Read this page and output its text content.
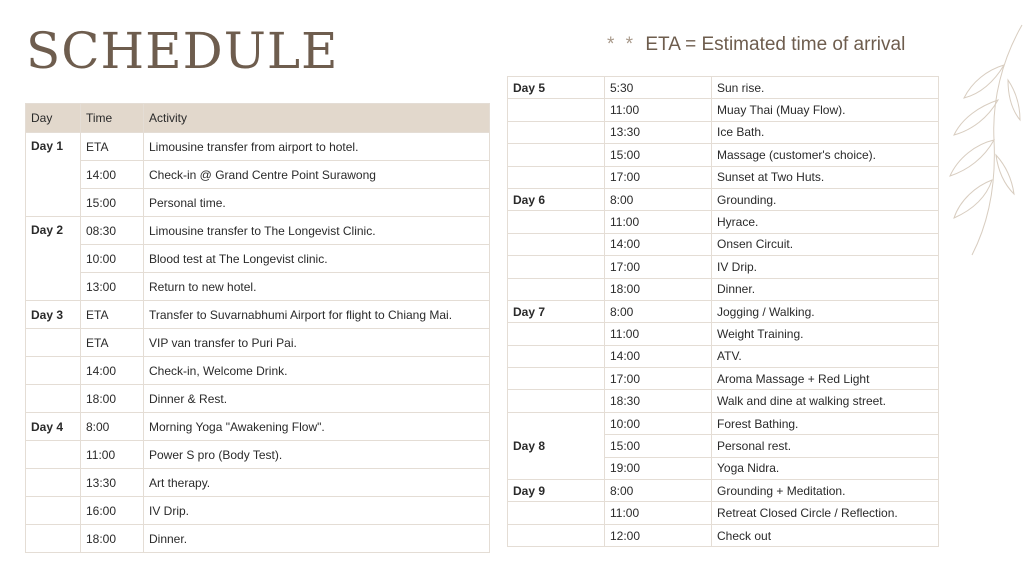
SCHEDULE	* * ETA = Estimated time of arrival
Day	Time	Activity
Day 1	ETA	Limousine transfer from airport to hotel.
	14:00	Check-in @ Grand Centre Point Surawong
	15:00	Personal time.
Day 2	08:30	Limousine transfer to The Longevist Clinic.
	10:00	Blood test at The Longevist clinic.
	13:00	Return to new hotel.
Day 3	ETA	Transfer to Suvarnabhumi Airport for flight to Chiang Mai.
	ETA	VIP van transfer to Puri Pai.
	14:00	Check-in, Welcome Drink.
	18:00	Dinner & Rest.
Day 4	8:00	Morning Yoga "Awakening Flow".
	11:00	Power S pro (Body Test).
	13:30	Art therapy.
	16:00	IV Drip.
	18:00	Dinner.
Day 5	5:30	Sun rise.
	11:00	Muay Thai (Muay Flow).
	13:30	Ice Bath.
	15:00	Massage (customer's choice).
	17:00	Sunset at Two Huts.
Day 6	8:00	Grounding.
	11:00	Hyrace.
	14:00	Onsen Circuit.
	17:00	IV Drip.
	18:00	Dinner.
Day 7	8:00	Jogging / Walking.
	11:00	Weight Training.
	14:00	ATV.
	17:00	Aroma Massage + Red Light
	18:30	Walk and dine at walking street.
Day 8	10:00	Forest Bathing.
	15:00	Personal rest.
	19:00	Yoga Nidra.
Day 9	8:00	Grounding + Meditation.
	11:00	Retreat Closed Circle / Reflection.
	12:00	Check out
